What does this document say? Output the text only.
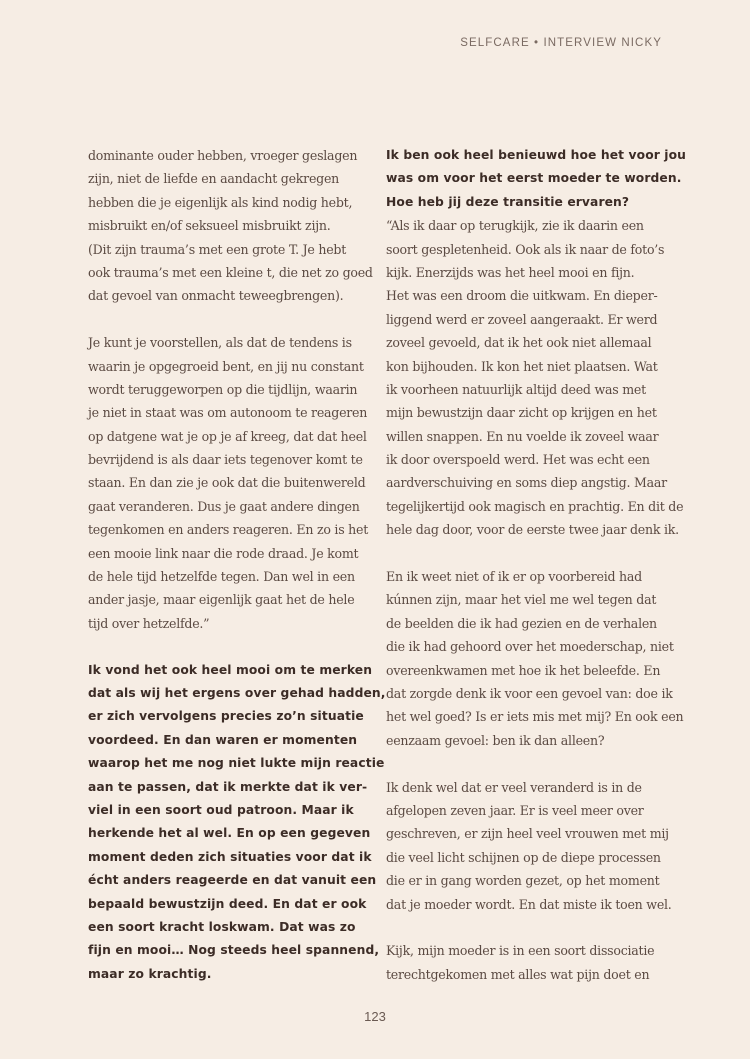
SELFCARE • INTERVIEW NICKY
dominante ouder hebben, vroeger geslagen
zijn, niet de liefde en aandacht gekregen
hebben die je eigenlijk als kind nodig hebt,
misbruikt en/of seksueel misbruikt zijn.
(Dit zijn trauma’s met een grote T. Je hebt
ook trauma’s met een kleine t, die net zo goed
dat gevoel van onmacht teweegbrengen).
Je kunt je voorstellen, als dat de tendens is
waarin je opgegroeid bent, en jij nu constant
wordt teruggeworpen op die tijdlijn, waarin
je niet in staat was om autonoom te reageren
op datgene wat je op je af kreeg, dat dat heel
bevrijdend is als daar iets tegenover komt te
staan. En dan zie je ook dat die buitenwereld
gaat veranderen. Dus je gaat andere dingen
tegenkomen en anders reageren. En zo is het
een mooie link naar die rode draad. Je komt
de hele tijd hetzelfde tegen. Dan wel in een
ander jasje, maar eigenlijk gaat het de hele
tijd over hetzelfde.”
Ik vond het ook heel mooi om te merken
dat als wij het ergens over gehad hadden,
er zich vervolgens precies zo’n situatie
voordeed. En dan waren er momenten
waarop het me nog niet lukte mijn reactie
aan te passen, dat ik merkte dat ik ver-
viel in een soort oud patroon. Maar ik
herkende het al wel. En op een gegeven
moment deden zich situaties voor dat ik
écht anders reageerde en dat vanuit een
bepaald bewustzijn deed. En dat er ook
een soort kracht loskwam. Dat was zo
fijn en mooi… Nog steeds heel spannend,
maar zo krachtig.
Ik ben ook heel benieuwd hoe het voor jou
was om voor het eerst moeder te worden.
Hoe heb jij deze transitie ervaren?
“Als ik daar op terugkijk, zie ik daarin een
soort gespletenheid. Ook als ik naar de foto’s
kijk. Enerzijds was het heel mooi en fijn.
Het was een droom die uitkwam. En dieper-
liggend werd er zoveel aangeraakt. Er werd
zoveel gevoeld, dat ik het ook niet allemaal
kon bijhouden. Ik kon het niet plaatsen. Wat
ik voorheen natuurlijk altijd deed was met
mijn bewustzijn daar zicht op krijgen en het
willen snappen. En nu voelde ik zoveel waar
ik door overspoeld werd. Het was echt een
aardverschuiving en soms diep angstig. Maar
tegelijkertijd ook magisch en prachtig. En dit de
hele dag door, voor de eerste twee jaar denk ik.
En ik weet niet of ik er op voorbereid had
kúnnen zijn, maar het viel me wel tegen dat
de beelden die ik had gezien en de verhalen
die ik had gehoord over het moederschap, niet
overeenkwamen met hoe ik het beleefde. En
dat zorgde denk ik voor een gevoel van: doe ik
het wel goed? Is er iets mis met mij? En ook een
eenzaam gevoel: ben ik dan alleen?
Ik denk wel dat er veel veranderd is in de
afgelopen zeven jaar. Er is veel meer over
geschreven, er zijn heel veel vrouwen met mij
die veel licht schijnen op de diepe processen
die er in gang worden gezet, op het moment
dat je moeder wordt. En dat miste ik toen wel.
Kijk, mijn moeder is in een soort dissociatie
terechtgekomen met alles wat pijn doet en
123
